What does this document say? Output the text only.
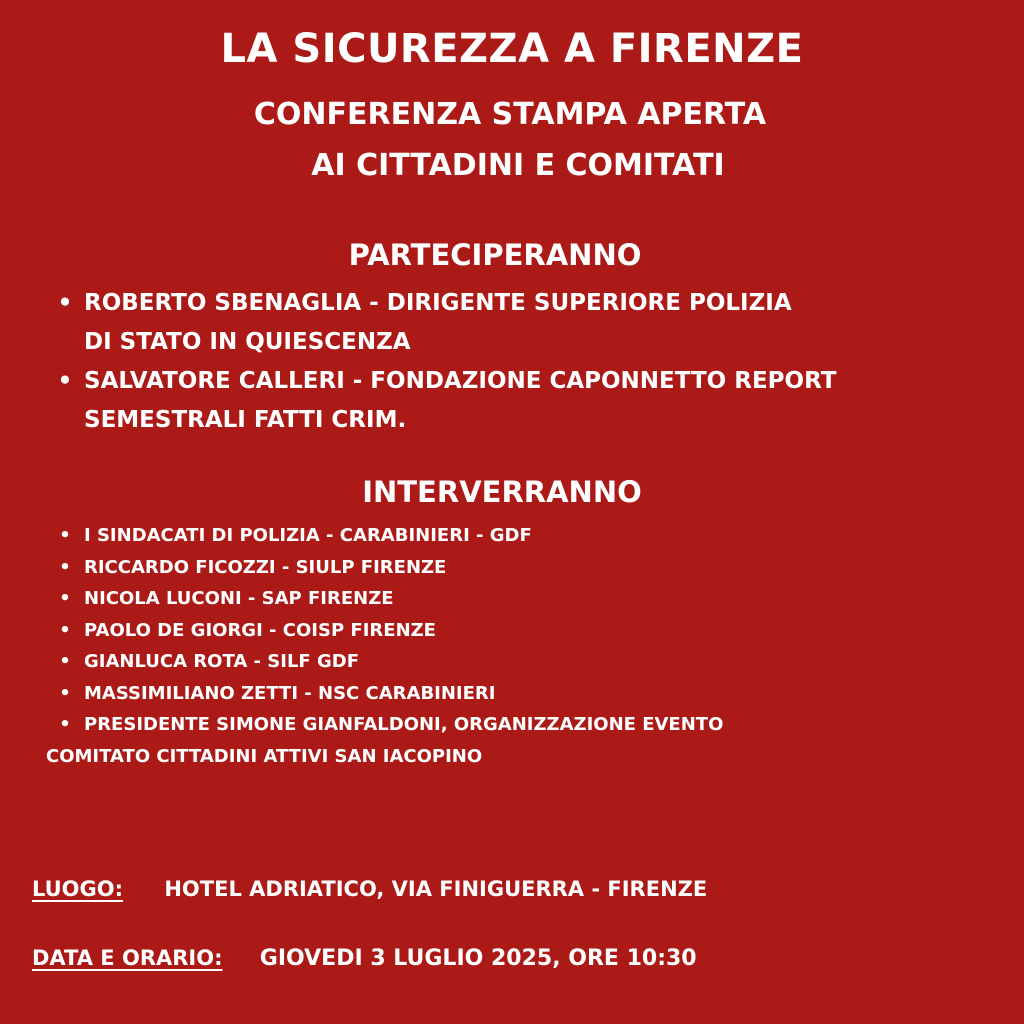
LA SICUREZZA A FIRENZE
CONFERENZA STAMPA APERTA
AI CITTADINI E COMITATI
PARTECIPERANNO
• ROBERTO SBENAGLIA - DIRIGENTE SUPERIORE POLIZIA
DI STATO IN QUIESCENZA
• SALVATORE CALLERI - FONDAZIONE CAPONNETTO REPORT
SEMESTRALI FATTI CRIM.
INTERVERRANNO
• I SINDACATI DI POLIZIA - CARABINIERI - GDF
• RICCARDO FICOZZI - SIULP FIRENZE
• NICOLA LUCONI - SAP FIRENZE
• PAOLO DE GIORGI - COISP FIRENZE
• GIANLUCA ROTA - SILF GDF
• MASSIMILIANO ZETTI - NSC CARABINIERI
• PRESIDENTE SIMONE GIANFALDONI, ORGANIZZAZIONE EVENTO
COMITATO CITTADINI ATTIVI SAN IACOPINO
LUOGO: HOTEL ADRIATICO, VIA FINIGUERRA - FIRENZE
DATA E ORARIO: GIOVEDI 3 LUGLIO 2025, ORE 10:30
